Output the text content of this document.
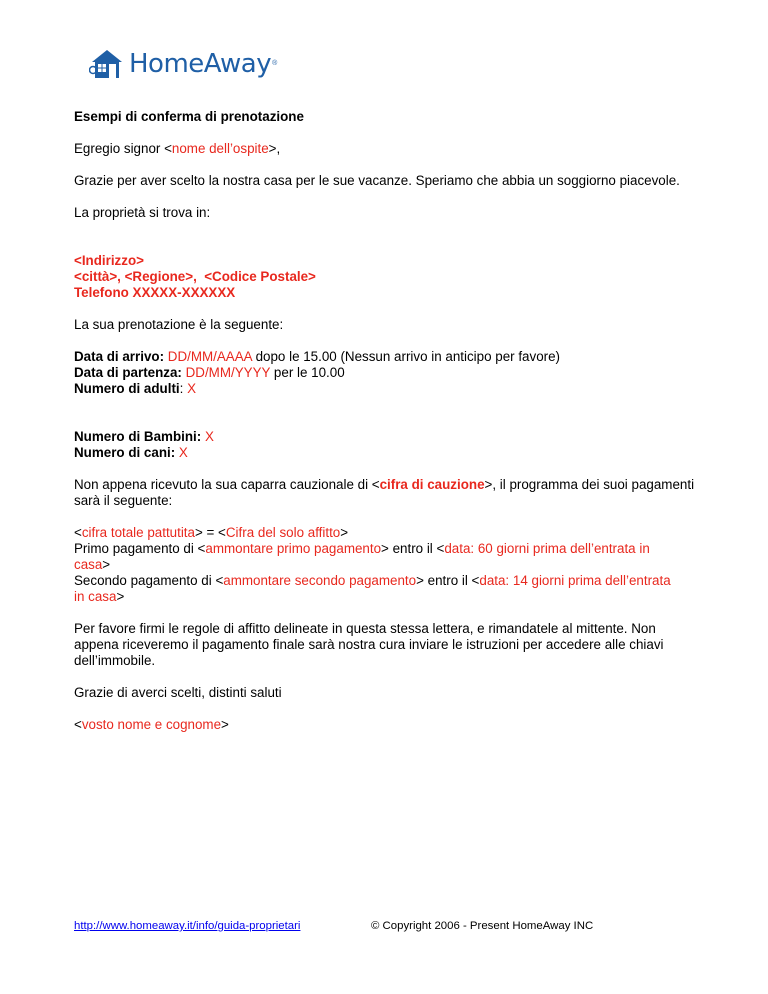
HomeAway ®

Esempi di conferma di prenotazione

Egregio signor <nome dell’ospite>,

Grazie per aver scelto la nostra casa per le sue vacanze. Speriamo che abbia un soggiorno piacevole.

La proprietà si trova in:

<Indirizzo>

<città>, <Regione>,  <Codice Postale>

Telefono XXXXX-XXXXXX

La sua prenotazione è la seguente:

Data di arrivo: DD/MM/AAAA dopo le 15.00 (Nessun arrivo in anticipo per favore)

Data di partenza: DD/MM/YYYY per le 10.00

Numero di adulti: X

Numero di Bambini: X

Numero di cani: X

Non appena ricevuto la sua caparra cauzionale di <cifra di cauzione>, il programma dei suoi pagamenti sarà il seguente:

<cifra totale pattutita> = <Cifra del solo affitto>

Primo pagamento di <ammontare primo pagamento> entro il <data: 60 giorni prima dell’entrata in casa>

Secondo pagamento di <ammontare secondo pagamento> entro il <data: 14 giorni prima dell’entrata in casa>

Per favore firmi le regole di affitto delineate in questa stessa lettera, e rimandatele al mittente. Non appena riceveremo il pagamento finale sarà nostra cura inviare le istruzioni per accedere alle chiavi dell’immobile.

Grazie di averci scelti, distinti saluti

<vosto nome e cognome>

http://www.homeaway.it/info/guida-proprietari	© Copyright 2006 - Present HomeAway INC
